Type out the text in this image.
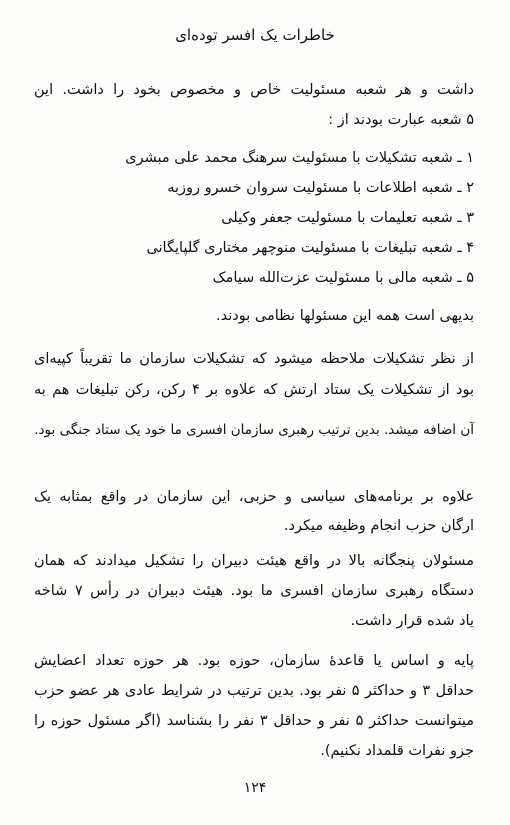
خاطرات یک افسر توده‌ای
داشت و هر شعبه مسئولیت خاص و مخصوص بخود را داشت. این
۵ شعبه عبارت بودند از :
۱ ـ شعبه تشکیلات با مسئولیت سرهنگ محمد علی مبشری
۲ ـ شعبه اطلاعات با مسئولیت سروان خسرو روزبه
۳ ـ شعبه تعلیمات با مسئولیت جعفر وکیلی
۴ ـ شعبه تبلیغات با مسئولیت منوچهر مختاری گلپایگانی
۵ ـ شعبه مالی با مسئولیت عزت‌الله سیامک
بدیهی است همه این مسئولها نظامی بودند.
از نظر تشکیلات ملاحظه میشود که تشکیلات سازمان ما تقریباً کپیه‌ای
بود از تشکیلات یک ستاد ارتش که علاوه بر ۴ رکن، رکن تبلیغات هم به
آن اضافه میشد. بدین ترتیب رهبری سازمان افسری ما خود یک ستاد جنگی بود.
علاوه بر برنامه‌های سیاسی و حزبی، این سازمان در واقع بمثابه یک
ارگان حزب انجام وظیفه میکرد.
مسئولان پنجگانه بالا در واقع هیئت دبیران را تشکیل میدادند که همان
دستگاه رهبری سازمان افسری ما بود. هیئت دبیران در رأس ۷ شاخه
یاد شده قرار داشت.
پایه و اساس یا قاعدهٔ سازمان، حوزه بود. هر حوزه تعداد اعضایش
حداقل ۳ و حداکثر ۵ نفر بود. بدین ترتیب در شرایط عادی هر عضو حزب
میتوانست حداکثر ۵ نفر و حداقل ۳ نفر را بشناسد (اگر مسئول حوزه را
جزو نفرات قلمداد نکنیم).
۱۲۴
